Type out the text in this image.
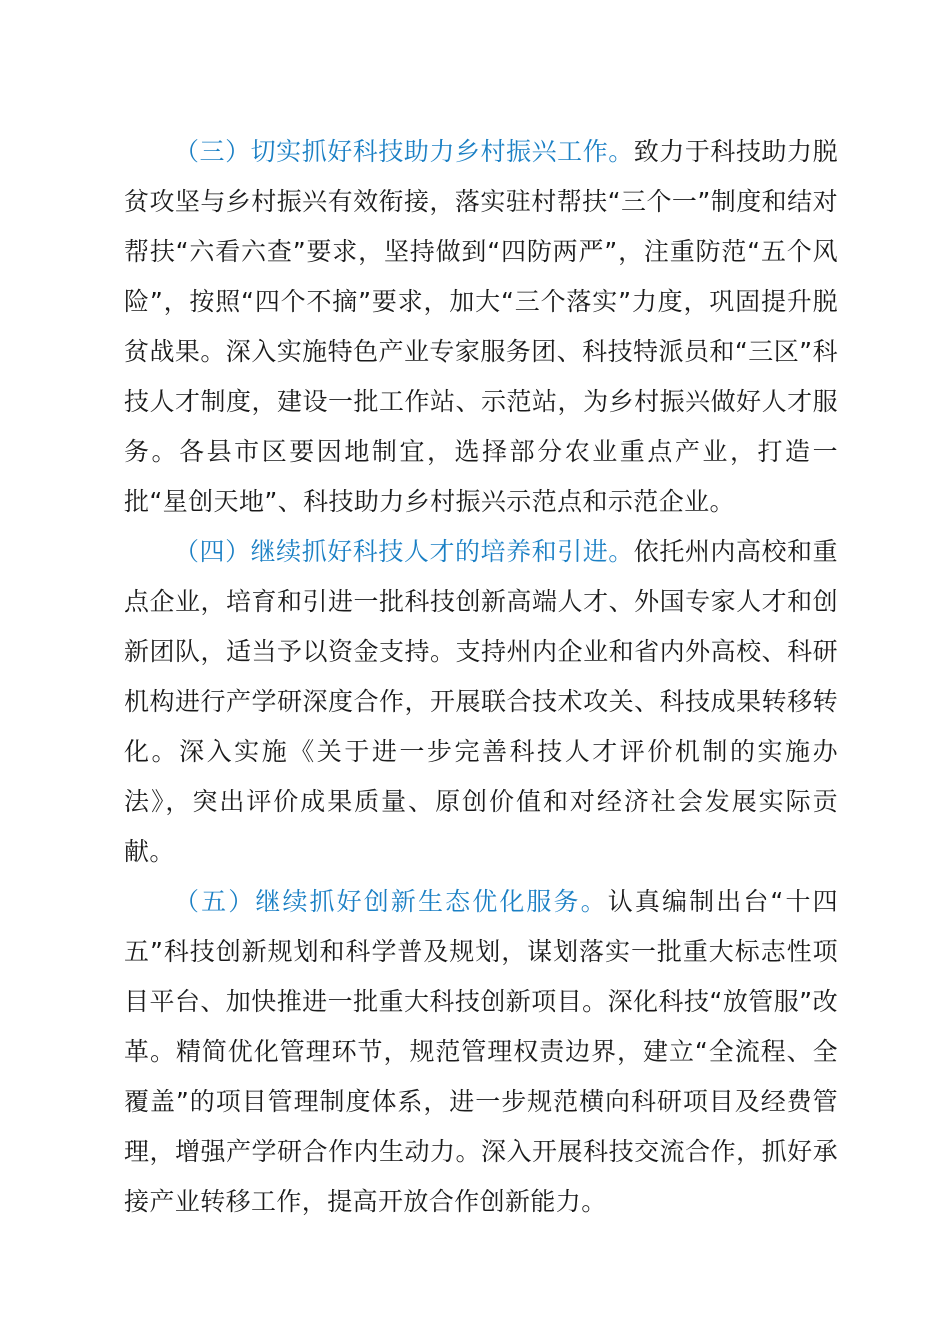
（三）切实抓好科技助力乡村振兴工作。致力于科技助力脱贫攻坚与乡村振兴有效衔接，落实驻村帮扶“三个一”制度和结对帮扶“六看六查”要求，坚持做到“四防两严”，注重防范“五个风险”，按照“四个不摘”要求，加大“三个落实”力度，巩固提升脱贫战果。深入实施特色产业专家服务团、科技特派员和“三区”科技人才制度，建设一批工作站、示范站，为乡村振兴做好人才服务。各县市区要因地制宜，选择部分农业重点产业，打造一批“星创天地”、科技助力乡村振兴示范点和示范企业。

（四）继续抓好科技人才的培养和引进。依托州内高校和重点企业，培育和引进一批科技创新高端人才、外国专家人才和创新团队，适当予以资金支持。支持州内企业和省内外高校、科研机构进行产学研深度合作，开展联合技术攻关、科技成果转移转化。深入实施《关于进一步完善科技人才评价机制的实施办法》，突出评价成果质量、原创价值和对经济社会发展实际贡献。

（五）继续抓好创新生态优化服务。认真编制出台“十四五”科技创新规划和科学普及规划，谋划落实一批重大标志性项目平台、加快推进一批重大科技创新项目。深化科技“放管服”改革。精简优化管理环节，规范管理权责边界，建立“全流程、全覆盖”的项目管理制度体系，进一步规范横向科研项目及经费管理，增强产学研合作内生动力。深入开展科技交流合作，抓好承接产业转移工作，提高开放合作创新能力。
